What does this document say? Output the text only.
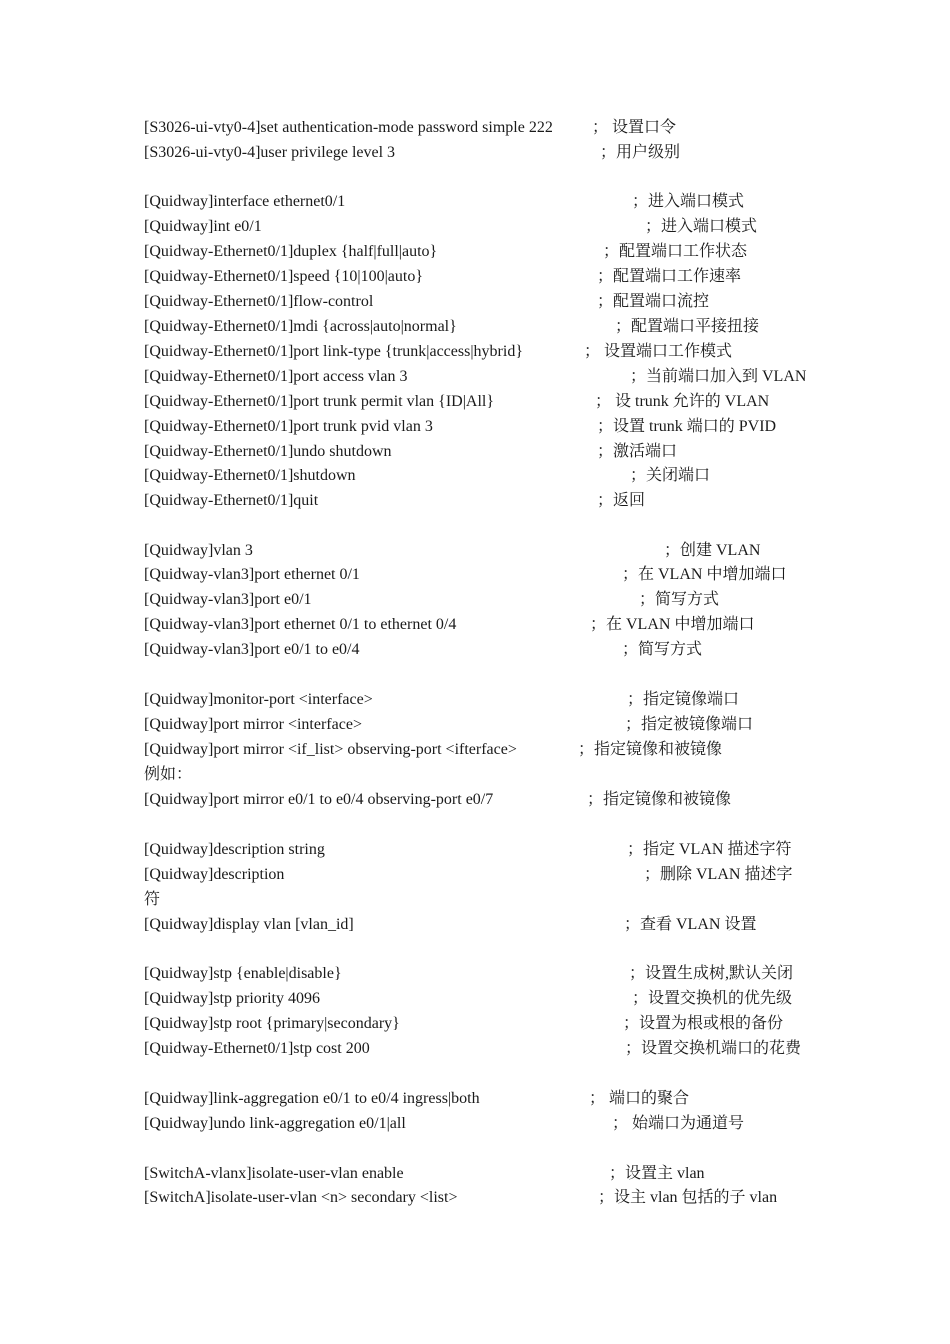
[S3026-ui-vty0-4]set authentication-mode password simple 222 ； 设置口令
[S3026-ui-vty0-4]user privilege level 3	；用户级别
[Quidway]interface ethernet0/1	；进入端口模式
[Quidway]int e0/1	；进入端口模式
[Quidway-Ethernet0/1]duplex {half|full|auto}	；配置端口工作状态
[Quidway-Ethernet0/1]speed {10|100|auto}	；配置端口工作速率
[Quidway-Ethernet0/1]flow-control	；配置端口流控
[Quidway-Ethernet0/1]mdi {across|auto|normal}	；配置端口平接扭接
[Quidway-Ethernet0/1]port link-type {trunk|access|hybrid}	； 设置端口工作模式
[Quidway-Ethernet0/1]port access vlan 3	；当前端口加入到 VLAN
[Quidway-Ethernet0/1]port trunk permit vlan {ID|All}	； 设 trunk 允许的 VLAN
[Quidway-Ethernet0/1]port trunk pvid vlan 3	；设置 trunk 端口的 PVID
[Quidway-Ethernet0/1]undo shutdown	；激活端口
[Quidway-Ethernet0/1]shutdown	；关闭端口
[Quidway-Ethernet0/1]quit	；返回
[Quidway]vlan 3	；创建 VLAN
[Quidway-vlan3]port ethernet 0/1	；在 VLAN 中增加端口
[Quidway-vlan3]port e0/1	；简写方式
[Quidway-vlan3]port ethernet 0/1 to ethernet 0/4	；在 VLAN 中增加端口
[Quidway-vlan3]port e0/1 to e0/4	；简写方式
[Quidway]monitor-port <interface>	；指定镜像端口
[Quidway]port mirror <interface>	；指定被镜像端口
[Quidway]port mirror <if_list> observing-port <ifterface>	；指定镜像和被镜像
例如：
[Quidway]port mirror e0/1 to e0/4 observing-port e0/7	；指定镜像和被镜像
[Quidway]description string	；指定 VLAN 描述字符
[Quidway]description	；删除 VLAN 描述字
符
[Quidway]display vlan [vlan_id]	；查看 VLAN 设置
[Quidway]stp {enable|disable}	；设置生成树,默认关闭
[Quidway]stp priority 4096	；设置交换机的优先级
[Quidway]stp root {primary|secondary}	；设置为根或根的备份
[Quidway-Ethernet0/1]stp cost 200	；设置交换机端口的花费
[Quidway]link-aggregation e0/1 to e0/4 ingress|both	； 端口的聚合
[Quidway]undo link-aggregation e0/1|all	； 始端口为通道号
[SwitchA-vlanx]isolate-user-vlan enable	；设置主 vlan
[SwitchA]isolate-user-vlan <n> secondary <list>	；设主 vlan 包括的子 vlan
